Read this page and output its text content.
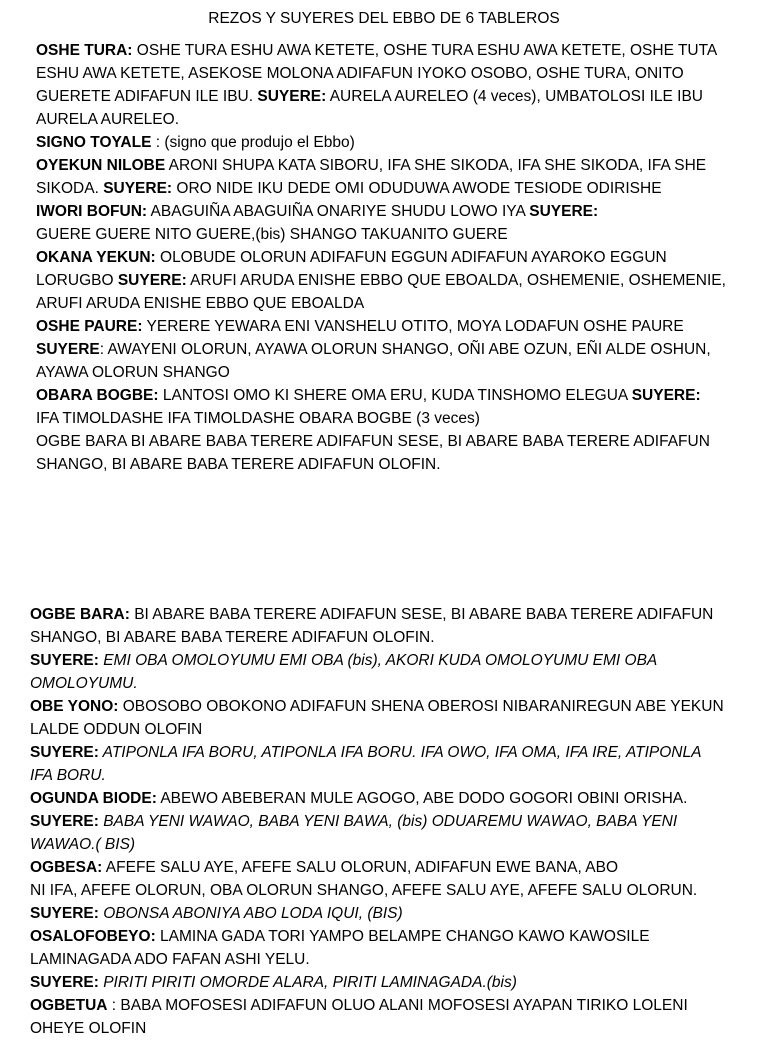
REZOS Y SUYERES DEL EBBO DE 6 TABLEROS
OSHE TURA: OSHE TURA ESHU AWA KETETE, OSHE TURA ESHU AWA KETETE, OSHE TUTA
ESHU AWA KETETE, ASEKOSE MOLONA ADIFAFUN IYOKO OSOBO, OSHE TURA, ONITO
GUERETE ADIFAFUN ILE IBU. SUYERE: AURELA AURELEO (4 veces), UMBATOLOSI ILE IBU
AURELA AURELEO.
SIGNO TOYALE : (signo que produjo el Ebbo)
OYEKUN NILOBE ARONI SHUPA KATA SIBORU, IFA SHE SIKODA, IFA SHE SIKODA, IFA SHE
SIKODA. SUYERE: ORO NIDE IKU DEDE OMI ODUDUWA AWODE TESIODE ODIRISHE
IWORI BOFUN: ABAGUIÑA ABAGUIÑA ONARIYE SHUDU LOWO IYA SUYERE:
GUERE GUERE NITO GUERE,(bis) SHANGO TAKUANITO GUERE
OKANA YEKUN: OLOBUDE OLORUN ADIFAFUN EGGUN ADIFAFUN AYAROKO EGGUN
LORUGBO SUYERE: ARUFI ARUDA ENISHE EBBO QUE EBOALDA, OSHEMENIE, OSHEMENIE,
ARUFI ARUDA ENISHE EBBO QUE EBOALDA
OSHE PAURE: YERERE YEWARA ENI VANSHELU OTITO, MOYA LODAFUN OSHE PAURE
SUYERE: AWAYENI OLORUN, AYAWA OLORUN SHANGO, OÑI ABE OZUN, EÑI ALDE OSHUN,
AYAWA OLORUN SHANGO
OBARA BOGBE: LANTOSI OMO KI SHERE OMA ERU, KUDA TINSHOMO ELEGUA SUYERE:
IFA TIMOLDASHE IFA TIMOLDASHE OBARA BOGBE (3 veces)
OGBE BARA BI ABARE BABA TERERE ADIFAFUN SESE, BI ABARE BABA TERERE ADIFAFUN
SHANGO, BI ABARE BABA TERERE ADIFAFUN OLOFIN.
OGBE BARA: BI ABARE BABA TERERE ADIFAFUN SESE, BI ABARE BABA TERERE ADIFAFUN
SHANGO, BI ABARE BABA TERERE ADIFAFUN OLOFIN.
SUYERE: EMI OBA OMOLOYUMU EMI OBA (bis), AKORI KUDA OMOLOYUMU EMI OBA
OMOLOYUMU.
OBE YONO: OBOSOBO OBOKONO ADIFAFUN SHENA OBEROSI NIBARANIREGUN ABE YEKUN
LALDE ODDUN OLOFIN
SUYERE: ATIPONLA IFA BORU, ATIPONLA IFA BORU. IFA OWO, IFA OMA, IFA IRE, ATIPONLA
IFA BORU.
OGUNDA BIODE: ABEWO ABEBERAN MULE AGOGO, ABE DODO GOGORI OBINI ORISHA.
SUYERE: BABA YENI WAWAO, BABA YENI BAWA, (bis) ODUAREMU WAWAO, BABA YENI
WAWAO.( BIS)
OGBESA: AFEFE SALU AYE, AFEFE SALU OLORUN, ADIFAFUN EWE BANA, ABO
NI IFA, AFEFE OLORUN, OBA OLORUN SHANGO, AFEFE SALU AYE, AFEFE SALU OLORUN.
SUYERE: OBONSA ABONIYA ABO LODA IQUI, (BIS)
OSALOFOBEYO: LAMINA GADA TORI YAMPO BELAMPE CHANGO KAWO KAWOSILE
LAMINAGADA ADO FAFAN ASHI YELU.
SUYERE: PIRITI PIRITI OMORDE ALARA, PIRITI LAMINAGADA.(bis)
OGBETUA : BABA MOFOSESI ADIFAFUN OLUO ALANI MOFOSESI AYAPAN TIRIKO LOLENI
OHEYE OLOFIN
